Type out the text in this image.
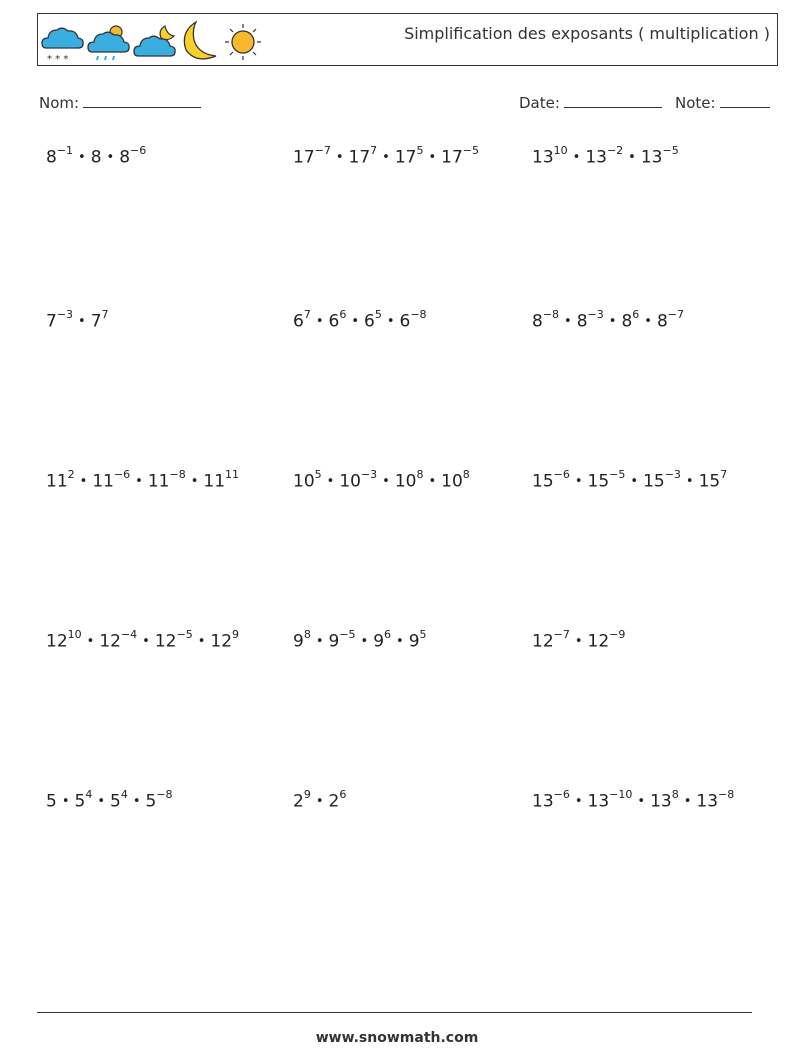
* * *
Simplification des exposants ( multiplication )
Nom:	Date:	Note:
$8^{-1}$ • 8 • $8^{-6}$	$17^{-7}$ • $17^7$ • $17^5$ • $17^{-5}$	$13^{10}$ • $13^{-2}$ • $13^{-5}$
$7^{-3}$ • $7^7$	$6^7$ • $6^6$ • $6^5$ • $6^{-8}$	$8^{-8}$ • $8^{-3}$ • $8^6$ • $8^{-7}$
$11^2$ • $11^{-6}$ • $11^{-8}$ • $11^{11}$	$10^5$ • $10^{-3}$ • $10^8$ • $10^8$	$15^{-6}$ • $15^{-5}$ • $15^{-3}$ • $15^7$
$12^{10}$ • $12^{-4}$ • $12^{-5}$ • $12^9$	$9^8$ • $9^{-5}$ • $9^6$ • $9^5$	$12^{-7}$ • $12^{-9}$
5 • $5^4$ • $5^4$ • $5^{-8}$	$2^9$ • $2^6$	$13^{-6}$ • $13^{-10}$ • $13^8$ • $13^{-8}$
www.snowmath.com
